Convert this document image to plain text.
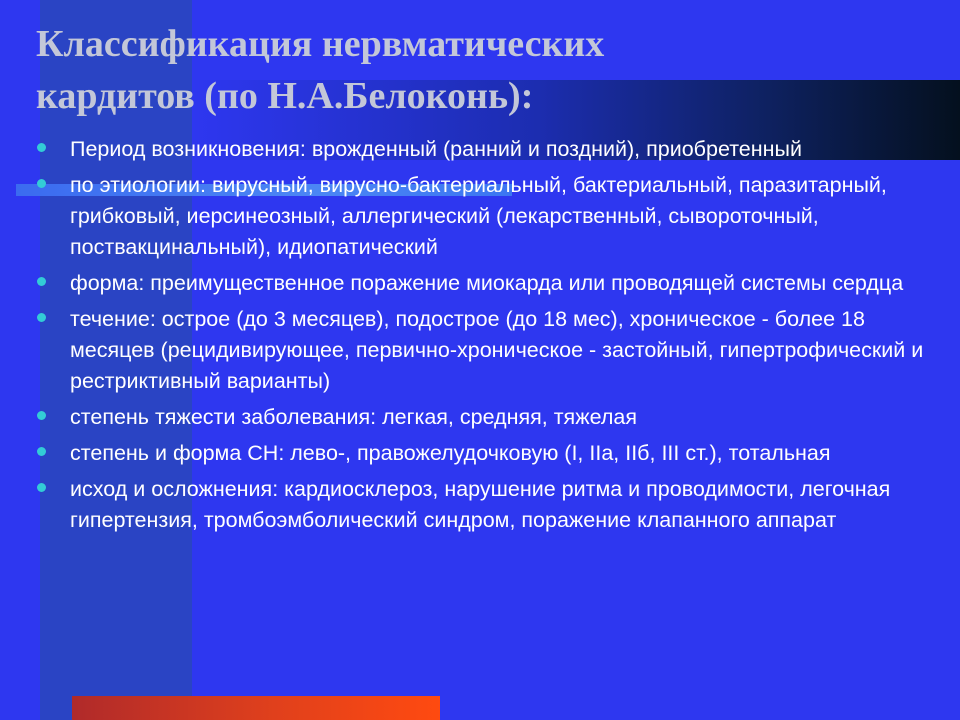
Классификация нервматических
кардитов (по Н.А.Белоконь):
Период возникновения: врожденный (ранний и поздний), приобретенный
по этиологии: вирусный, вирусно-бактериальный, бактериальный, паразитарный, грибковый, иерсинеозный, аллергический (лекарственный, сывороточный, поствакцинальный), идиопатический
форма: преимущественное поражение миокарда или проводящей системы сердца
течение: острое (до 3 месяцев), подострое (до 18 мес), хроническое - более 18 месяцев (рецидивирующее, первично-хроническое - застойный, гипертрофический и рестриктивный варианты)
степень тяжести заболевания: легкая, средняя, тяжелая
степень и форма СН: лево-, правожелудочковую (I, IIа, IIб, III ст.), тотальная
исход и осложнения: кардиосклероз, нарушение ритма и проводимости, легочная гипертензия, тромбоэмболический синдром, поражение клапанного аппарат
